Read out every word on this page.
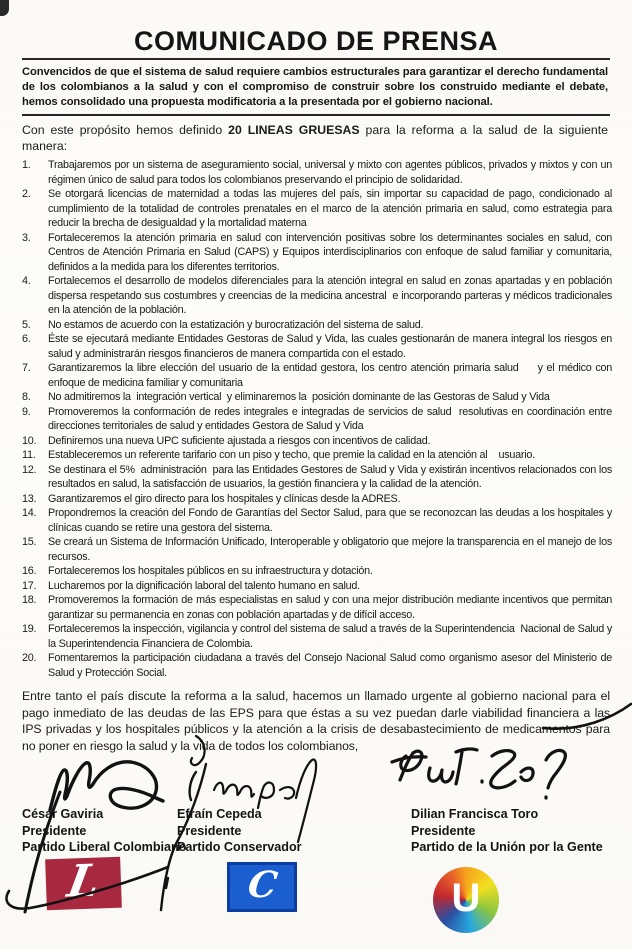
COMUNICADO DE PRENSA
Convencidos de que el sistema de salud requiere cambios estructurales para garantizar el derecho fundamental de los colombianos a la salud y con el compromiso de construir sobre los construido mediante el debate, hemos consolidado una propuesta modificatoria a la presentada por el gobierno nacional.
Con este propósito hemos definido 20 LINEAS GRUESAS para la reforma a la salud de la siguiente manera:
Trabajaremos por un sistema de aseguramiento social, universal y mixto con agentes públicos, privados y mixtos y con un régimen único de salud para todos los colombianos preservando el principio de solidaridad.
Se otorgará licencias de maternidad a todas las mujeres del país, sin importar su capacidad de pago, condicionado al cumplimiento de la totalidad de controles prenatales en el marco de la atención primaria en salud, como estrategia para reducir la brecha de desigualdad y la mortalidad materna
Fortaleceremos la atención primaria en salud con intervención positivas sobre los determinantes sociales en salud, con Centros de Atención Primaria en Salud (CAPS) y Equipos interdisciplinarios con enfoque de salud familiar y comunitaria, definidos a la medida para los diferentes territorios.
Fortalecemos el desarrollo de modelos diferenciales para la atención integral en salud en zonas apartadas y en población dispersa respetando sus costumbres y creencias de la medicina ancestral  e incorporando parteras y médicos tradicionales en la atención de la población.
No estamos de acuerdo con la estatización y burocratización del sistema de salud.
Éste se ejecutará mediante Entidades Gestoras de Salud y Vida, las cuales gestionarán de manera integral los riesgos en salud y administrarán riesgos financieros de manera compartida con el estado.
Garantizaremos la libre elección del usuario de la entidad gestora, los centro atención primaria salud     y el médico con enfoque de medicina familiar y comunitaria
No admitiremos la  integración vertical  y eliminaremos la  posición dominante de las Gestoras de Salud y Vida
Promoveremos la conformación de redes integrales e integradas de servicios de salud  resolutivas en coordinación entre direcciones territoriales de salud y entidades Gestora de Salud y Vida
Definiremos una nueva UPC suficiente ajustada a riesgos con incentivos de calidad.
Estableceremos un referente tarifario con un piso y techo, que premie la calidad en la atención al    usuario.
Se destinara el 5%  administración  para las Entidades Gestores de Salud y Vida y existirán incentivos relacionados con los resultados en salud, la satisfacción de usuarios, la gestión financiera y la calidad de la atención.
Garantizaremos el giro directo para los hospitales y clínicas desde la ADRES.
Propondremos la creación del Fondo de Garantías del Sector Salud, para que se reconozcan las deudas a los hospitales y clínicas cuando se retire una gestora del sistema.
Se creará un Sistema de Información Unificado, Interoperable y obligatorio que mejore la transparencia en el manejo de los recursos.
Fortaleceremos los hospitales públicos en su infraestructura y dotación.
Lucharemos por la dignificación laboral del talento humano en salud.
Promoveremos la formación de más especialistas en salud y con una mejor distribución mediante incentivos que permitan garantizar su permanencia en zonas con población apartadas y de difícil acceso.
Fortaleceremos la inspección, vigilancia y control del sistema de salud a través de la Superintendencia  Nacional de Salud y la Superintendencia Financiera de Colombia.
Fomentaremos la participación ciudadana a través del Consejo Nacional Salud como organismo asesor del Ministerio de Salud y Protección Social.
Entre tanto el país discute la reforma a la salud, hacemos un llamado urgente al gobierno nacional para el pago inmediato de las deudas de las EPS para que éstas a su vez puedan darle viabilidad financiera a las IPS privadas y los hospitales públicos y la atención a la crisis de desabastecimiento de medicamentos para no poner en riesgo la salud y la vida de todos los colombianos,
César Gaviria
Presidente
Partido Liberal Colombiano
Efraín Cepeda
Presidente
Partido Conservador
Dilian Francisca Toro
Presidente
Partido de la Unión por la Gente
L	C	U
